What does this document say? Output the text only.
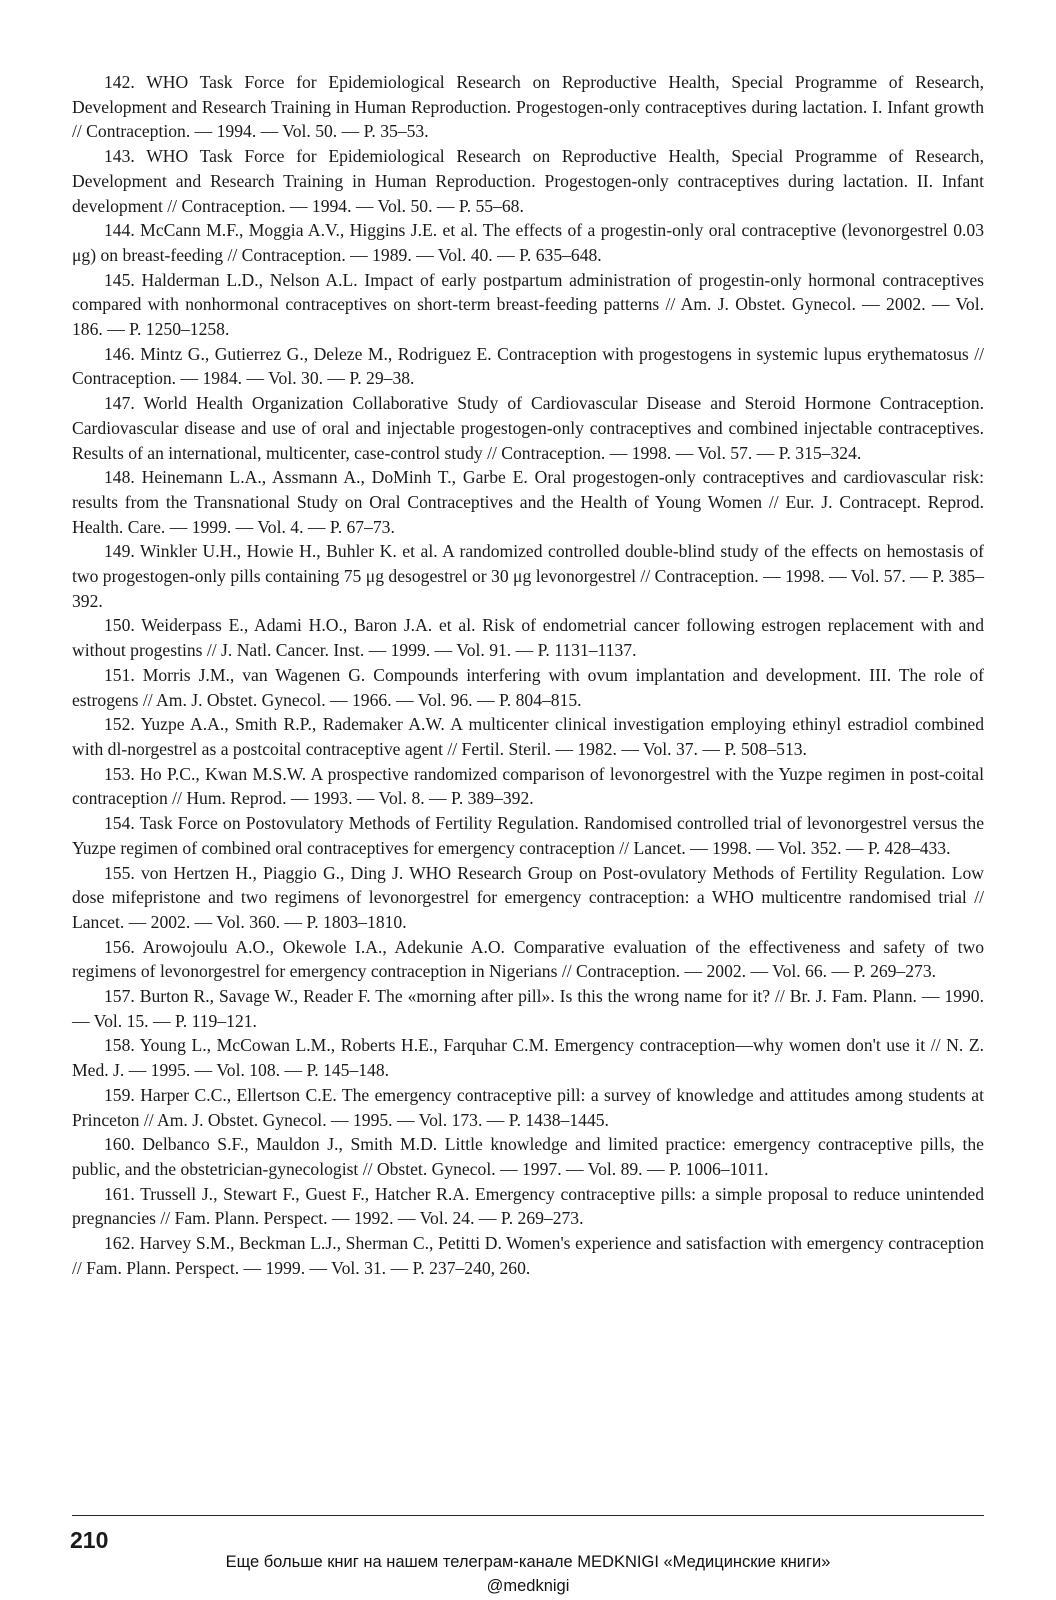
142. WHO Task Force for Epidemiological Research on Reproductive Health, Special Programme of Research, Development and Research Training in Human Reproduction. Progestogen-only contraceptives during lactation. I. Infant growth // Contraception. — 1994. — Vol. 50. — P. 35–53.

143. WHO Task Force for Epidemiological Research on Reproductive Health, Special Programme of Research, Development and Research Training in Human Reproduction. Progestogen-only contraceptives during lactation. II. Infant development // Contraception. — 1994. — Vol. 50. — P. 55–68.

144. McCann M.F., Moggia A.V., Higgins J.E. et al. The effects of a progestin-only oral contraceptive (levonorgestrel 0.03 μg) on breast-feeding // Contraception. — 1989. — Vol. 40. — P. 635–648.

145. Halderman L.D., Nelson A.L. Impact of early postpartum administration of progestin-only hormonal contraceptives compared with nonhormonal contraceptives on short-term breast-feeding patterns // Am. J. Obstet. Gynecol. — 2002. — Vol. 186. — P. 1250–1258.

146. Mintz G., Gutierrez G., Deleze M., Rodriguez E. Contraception with progestogens in systemic lupus erythematosus // Contraception. — 1984. — Vol. 30. — P. 29–38.

147. World Health Organization Collaborative Study of Cardiovascular Disease and Steroid Hormone Contraception. Cardiovascular disease and use of oral and injectable progestogen-only contraceptives and combined injectable contraceptives. Results of an international, multicenter, case-control study // Contraception. — 1998. — Vol. 57. — P. 315–324.

148. Heinemann L.A., Assmann A., DoMinh T., Garbe E. Oral progestogen-only contraceptives and cardiovascular risk: results from the Transnational Study on Oral Contraceptives and the Health of Young Women // Eur. J. Contracept. Reprod. Health. Care. — 1999. — Vol. 4. — P. 67–73.

149. Winkler U.H., Howie H., Buhler K. et al. A randomized controlled double-blind study of the effects on hemostasis of two progestogen-only pills containing 75 μg desogestrel or 30 μg levonorgestrel // Contraception. — 1998. — Vol. 57. — P. 385–392.

150. Weiderpass E., Adami H.O., Baron J.A. et al. Risk of endometrial cancer following estrogen replacement with and without progestins // J. Natl. Cancer. Inst. — 1999. — Vol. 91. — P. 1131–1137.

151. Morris J.M., van Wagenen G. Compounds interfering with ovum implantation and development. III. The role of estrogens // Am. J. Obstet. Gynecol. — 1966. — Vol. 96. — P. 804–815.

152. Yuzpe A.A., Smith R.P., Rademaker A.W. A multicenter clinical investigation employing ethinyl estradiol combined with dl-norgestrel as a postcoital contraceptive agent // Fertil. Steril. — 1982. — Vol. 37. — P. 508–513.

153. Ho P.C., Kwan M.S.W. A prospective randomized comparison of levonorgestrel with the Yuzpe regimen in post-coital contraception // Hum. Reprod. — 1993. — Vol. 8. — P. 389–392.

154. Task Force on Postovulatory Methods of Fertility Regulation. Randomised controlled trial of levonorgestrel versus the Yuzpe regimen of combined oral contraceptives for emergency contraception // Lancet. — 1998. — Vol. 352. — P. 428–433.

155. von Hertzen H., Piaggio G., Ding J. WHO Research Group on Post-ovulatory Methods of Fertility Regulation. Low dose mifepristone and two regimens of levonorgestrel for emergency contraception: a WHO multicentre randomised trial // Lancet. — 2002. — Vol. 360. — P. 1803–1810.

156. Arowojoulu A.O., Okewole I.A., Adekunie A.O. Comparative evaluation of the effectiveness and safety of two regimens of levonorgestrel for emergency contraception in Nigerians // Contraception. — 2002. — Vol. 66. — P. 269–273.

157. Burton R., Savage W., Reader F. The «morning after pill». Is this the wrong name for it? // Br. J. Fam. Plann. — 1990. — Vol. 15. — P. 119–121.

158. Young L., McCowan L.M., Roberts H.E., Farquhar C.M. Emergency contraception—why women don't use it // N. Z. Med. J. — 1995. — Vol. 108. — P. 145–148.

159. Harper C.C., Ellertson C.E. The emergency contraceptive pill: a survey of knowledge and attitudes among students at Princeton // Am. J. Obstet. Gynecol. — 1995. — Vol. 173. — P. 1438–1445.

160. Delbanco S.F., Mauldon J., Smith M.D. Little knowledge and limited practice: emergency contraceptive pills, the public, and the obstetrician-gynecologist // Obstet. Gynecol. — 1997. — Vol. 89. — P. 1006–1011.

161. Trussell J., Stewart F., Guest F., Hatcher R.A. Emergency contraceptive pills: a simple proposal to reduce unintended pregnancies // Fam. Plann. Perspect. — 1992. — Vol. 24. — P. 269–273.

162. Harvey S.M., Beckman L.J., Sherman C., Petitti D. Women's experience and satisfaction with emergency contraception // Fam. Plann. Perspect. — 1999. — Vol. 31. — P. 237–240, 260.

210
Еще больше книг на нашем телеграм-канале MEDKNIGI «Медицинские книги»
@medknigi
